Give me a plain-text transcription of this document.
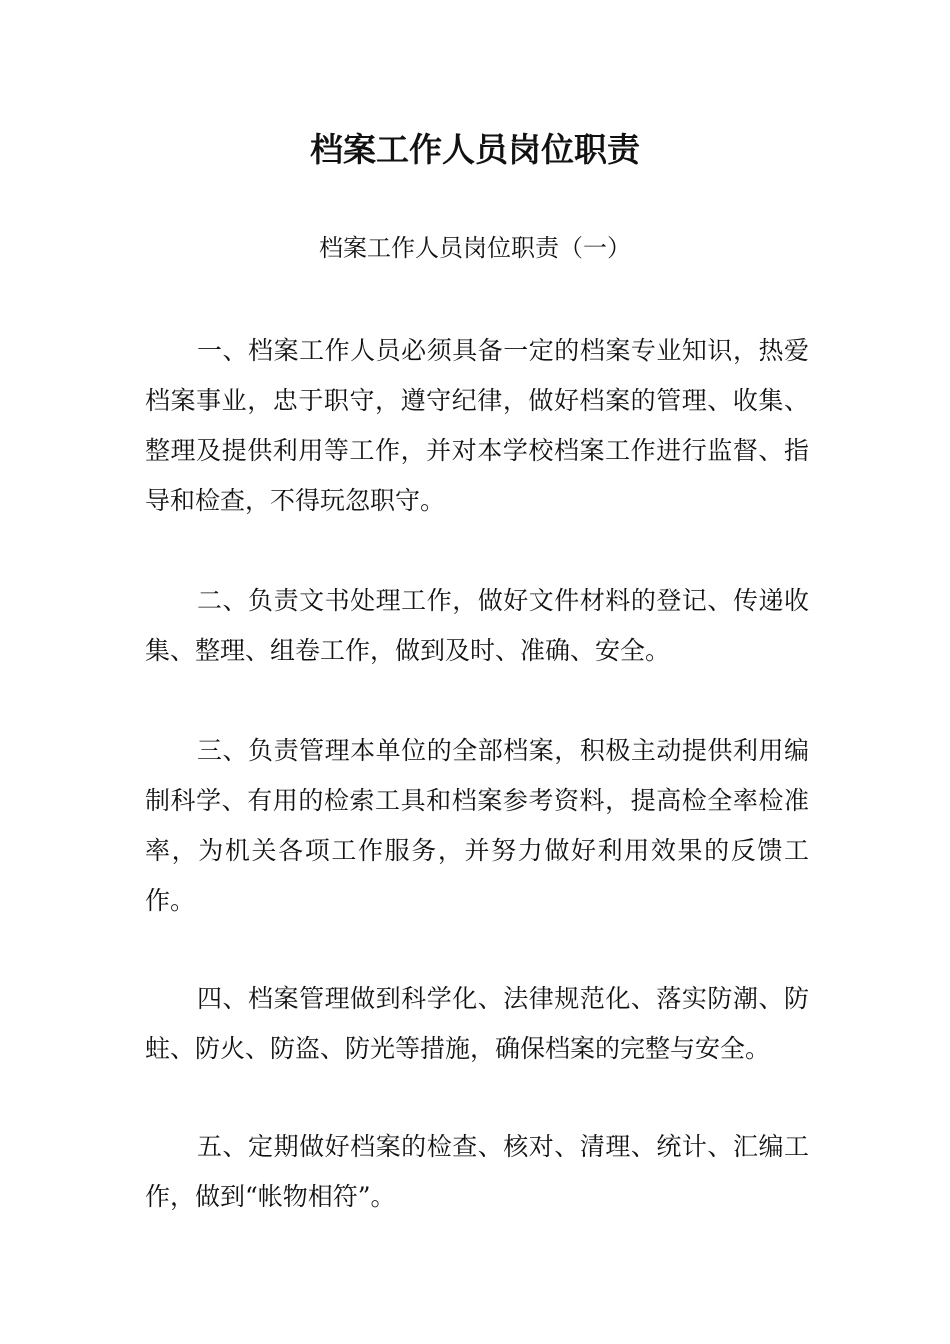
档案工作人员岗位职责
档案工作人员岗位职责（一）

一、档案工作人员必须具备一定的档案专业知识，热爱档案事业，忠于职守，遵守纪律，做好档案的管理、收集、整理及提供利用等工作，并对本学校档案工作进行监督、指导和检查，不得玩忽职守。

二、负责文书处理工作，做好文件材料的登记、传递收集、整理、组卷工作，做到及时、准确、安全。

三、负责管理本单位的全部档案，积极主动提供利用编制科学、有用的检索工具和档案参考资料，提高检全率检准率，为机关各项工作服务，并努力做好利用效果的反馈工作。

四、档案管理做到科学化、法律规范化、落实防潮、防蛀、防火、防盗、防光等措施，确保档案的完整与安全。

五、定期做好档案的检查、核对、清理、统计、汇编工作，做到“帐物相符”。
